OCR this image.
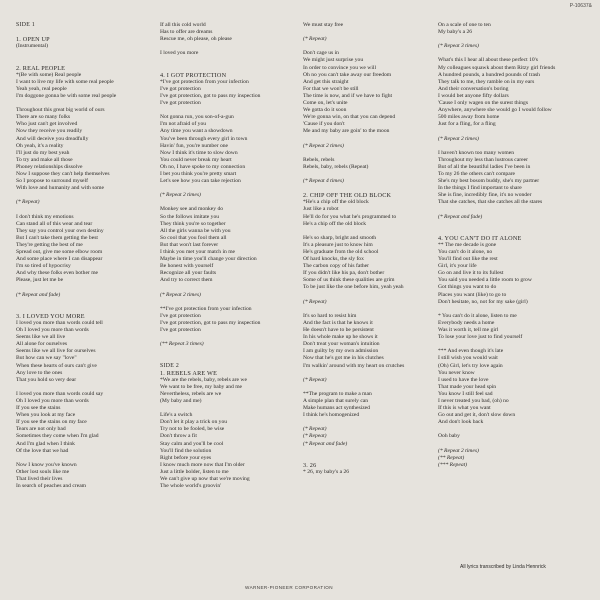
P-10637&
SIDE 1
1. OPEN UP
(Instrumental)
2. REAL PEOPLE
*(Be with some) Real people
I want to live my life with some real people
Yeah yeah, real people
I'm doggone gonna be with some real people
Throughout this great big world of ours
There are so many folks
Who just can't get involved
Now they receive you readily
And will deceive you dreadfully
Oh yeah, it's a reality
I'll just do my best yeah
To try and make all those
Phoney relationships dissolve
Now I suppose they can't help themselves
So I propose to surround myself
With love and humanity and with some
(* Repeat)
I don't think my emotions
Can stand all of this wear and tear
They say you control your own destiny
But I can't take them getting the best
They're getting the best of me
Spread out, give me some elbow room
And some place where I can disappear
I'm so tired of hypocrisy
And why these folks even bother me
Please, just let me be
(* Repeat and fade)
3. I LOVED YOU MORE
I loved you more than words could tell
Oh I loved you more than words
Seems like we all live
All alone for ourselves
Seems like we all live for ourselves
But how can we say "love"
When these hearts of ours can't give
Any love to the ones
That you hold so very dear
I loved you more than words could say
Oh I loved you more than words
If you see the stains
When you look at my face
If you see the stains on my face
Tears are not only bad
Sometimes they come when I'm glad
And I'm glad when I think
Of the love that we had
Now I know you've known
Other lost souls like me
That lived their lives
In search of peaches and cream
If all this cold world
Has to offer are dreams
Rescue me, oh please, oh please
I loved you more
4. I GOT PROTECTION
*I've got protection from your infection
I've got protection
I've got protection, got to pass my inspection
I've got protection
Not gonna run, you son-of-a-gun
I'm not afraid of you
Any time you want a showdown
You've been through every girl in town
Havin' fun, you're number one
Now I think it's time to slow down
You could never break my heart
Oh no, I have spoke to my connection
I bet you think you're pretty smart
Let's see how you can take rejection
(* Repeat 2 times)
Monkey see and monkey do
So the follows imitate you
They think you're so together
All the girls wanna be with you
So cool that you fool them all
But that won't last forever
I think you met your match in me
Maybe in time you'll change your direction
Be honest with yourself
Recognize all your faults
And try to correct them
(* Repeat 2 times)
**I've got protection from your infection
I've got protection
I've got protection, got to pass my inspection
I've got protection
(** Repeat 3 times)
SIDE 2
1. REBELS ARE WE
*We are the rebels, baby, rebels are we
We want to be free, my baby and me
Nevertheless, rebels are we
(My baby and me)
Life's a switch
Don't let it play a trick on you
Try not to be fooled, be wise
Don't throw a fit
Stay calm and you'll be cool
You'll find the solution
Right before your eyes
I know much more now that I'm older
Just a little bolder, listen to me
We can't give up now that we're moving
The whole world's groovin'
We must stay free
(* Repeat)
Don't cage us in
We might just surprise you
In order to convince you we will
Oh no you can't take away our freedom
And get this straight
For that we won't be still
The time is now, and if we have to fight
Come on, let's unite
We gotta do it soon
We're gonna win, on that you can depend
'Cause if you don't
Me and my baby are goin' to the moon
(* Repeat 2 times)
Rebels, rebels
Rebels, baby, rebels (Repeat)
(* Repeat 4 times)
2. CHIP OFF THE OLD BLOCK
*He's a chip off the old block
Just like a robot
He'll do for you what he's programmed to
He's a chip off the old block
He's so sharp, bright and smooth
It's a pleasure just to know him
He's graduate from the old school
Of hard knocks, the sly fox
The carbon copy of his father
If you didn't like his pa, don't bother
Some of us think these qualities are grim
To be just like the one before him, yeah yeah
(* Repeat)
It's so hard to resist him
And the fact is that he knows it
He doesn't have to be persistent
In his whole make up he shows it
Don't treat your woman's intuition
I am guilty by my own admission
Now that he's got me in his clutches
I'm walkin' around with my heart on crutches
(* Repeat)
**The program to make a man
A simple plan that surely can
Make humans act synthesized
I think he's homogenized
(* Repeat)
(* Repeat)
(* Repeat and fade)
3. 26
* 26, my baby's a 26
On a scale of one to ten
My baby's a 26
(* Repeat 3 times)
What's this I hear all about these perfect 10's
My colleagues squawk about them Ritzy girl friends
A hundred pounds, a hundred pounds of trash
They talk to me, they ramble on in my ears
And their conversation's boring
I would bet anyone fifty dollars
'Cause I only wagen on the surest things
Anywhere, anywhere she would go I would follow
500 miles away from home
Just for a fling, for a fling
(* Repeat 2 times)
I haven't known too many women
Throughout my less than lustrous career
But of all the beautiful ladies I've been in
To my 26 the others can't compare
She's my best bosom buddy, she's my partner
In the things I find important to share
She is fine, incredibly fine, it's no wonder
That she catches, that she catches all the stares
(* Repeat and fade)
4. YOU CAN'T DO IT ALONE
** The me decade is gone
You can't do it alone, no
You'll find out like the rest
Girl, it's your life
Go on and live it to its fullest
You said you needed a little room to grow
Got things you want to do
Places you want (like) to go to
Don't hesitate, no, not for my sake (girl)
* You can't do it alone, listen to me
Everybody needs a home
Was it worth it, tell me girl
To lose your love just to find yourself
*** And even though it's late
I still wish you would wait
(Oh) Girl, let's try love again
You never know
I used to have the love
That made your head spin
You know I still feel sad
I never treated you bad, (oh) no
If this is what you want
Go out and get it, don't slow down
And don't look back
Ooh baby
(* Repeat 2 times)
(** Repeat)
(*** Repeat)
All lyrics transcribed by Linda Hennrick
WARNER-PIONEER CORPORATION
